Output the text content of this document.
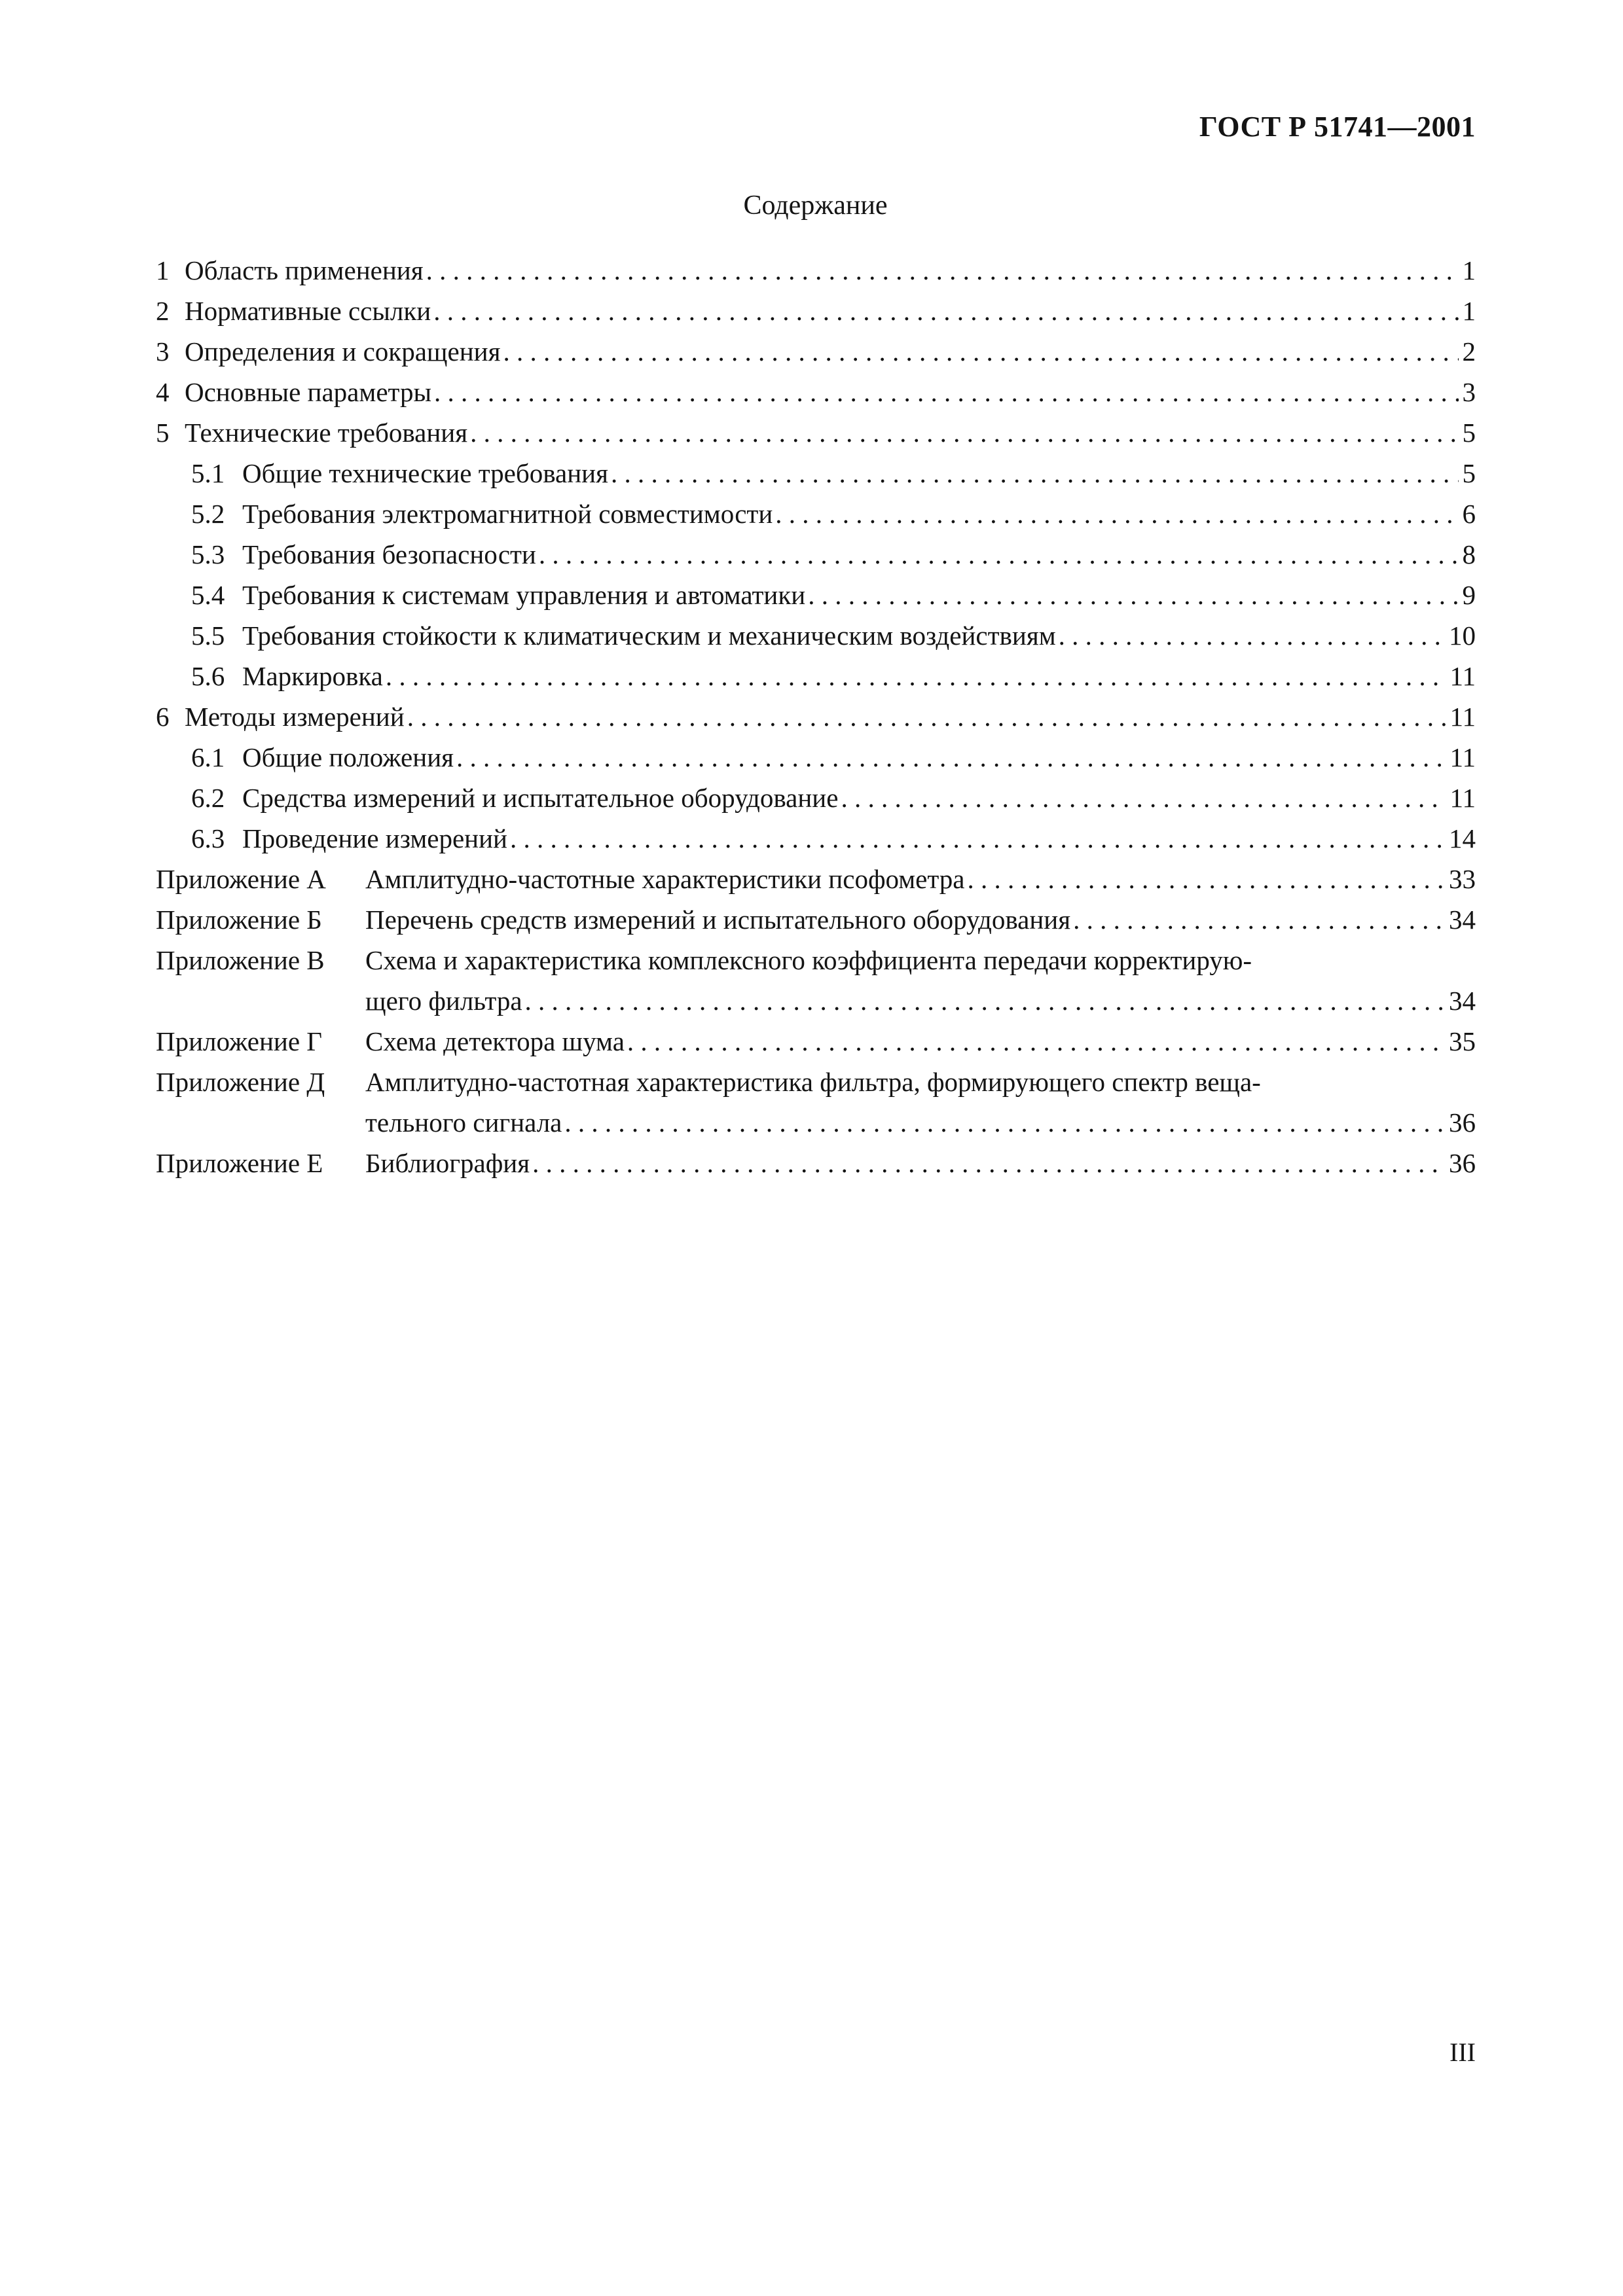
ГОСТ Р 51741—2001
Содержание
1 Область применения . . .	1
2 Нормативные ссылки . . .	1
3 Определения и сокращения . . .	2
4 Основные параметры . . .	3
5 Технические требования . . .	5
5.1 Общие технические требования . . .	5
5.2 Требования электромагнитной совместимости . . .	6
5.3 Требования безопасности . . .	8
5.4 Требования к системам управления и автоматики . . .	9
5.5 Требования стойкости к климатическим и механическим воздействиям . . .	10
5.6 Маркировка . . .	11
6 Методы измерений . . .	11
6.1 Общие положения . . .	11
6.2 Средства измерений и испытательное оборудование . . .	11
6.3 Проведение измерений . . .	14
Приложение А	Амплитудно-частотные характеристики псофометра . . .	33
Приложение Б	Перечень средств измерений и испытательного оборудования . . .	34
Приложение В	Схема и характеристика комплексного коэффициента передачи корректирую-
щего фильтра . . .	34
Приложение Г	Схема детектора шума . . .	35
Приложение Д	Амплитудно-частотная характеристика фильтра, формирующего спектр веща-
тельного сигнала . . .	36
Приложение Е	Библиография . . .	36
III
